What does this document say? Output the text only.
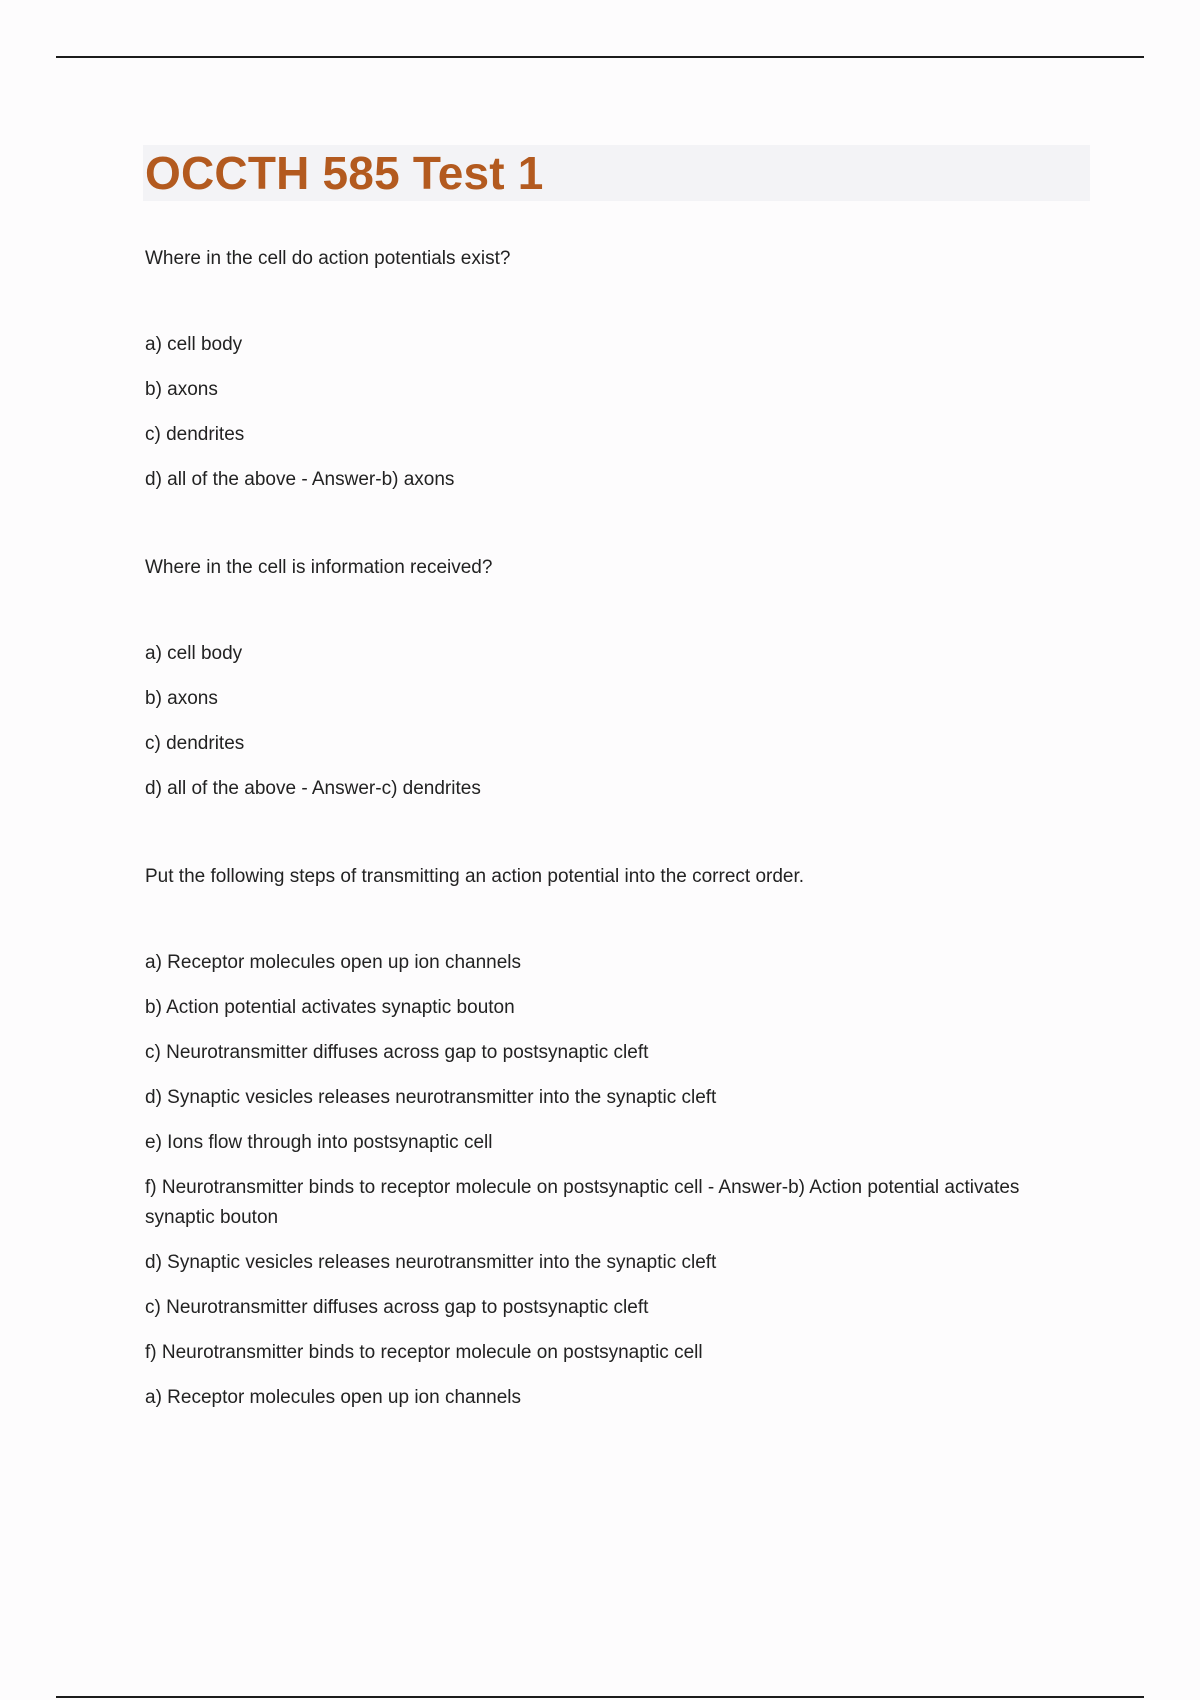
OCCTH 585 Test 1

Where in the cell do action potentials exist?

a) cell body

b) axons

c) dendrites

d) all of the above - Answer-b) axons

Where in the cell is information received?

a) cell body

b) axons

c) dendrites

d) all of the above - Answer-c) dendrites

Put the following steps of transmitting an action potential into the correct order.

a) Receptor molecules open up ion channels

b) Action potential activates synaptic bouton

c) Neurotransmitter diffuses across gap to postsynaptic cleft

d) Synaptic vesicles releases neurotransmitter into the synaptic cleft

e) Ions flow through into postsynaptic cell

f) Neurotransmitter binds to receptor molecule on postsynaptic cell - Answer-b) Action potential activates synaptic bouton

d) Synaptic vesicles releases neurotransmitter into the synaptic cleft

c) Neurotransmitter diffuses across gap to postsynaptic cleft

f) Neurotransmitter binds to receptor molecule on postsynaptic cell

a) Receptor molecules open up ion channels
